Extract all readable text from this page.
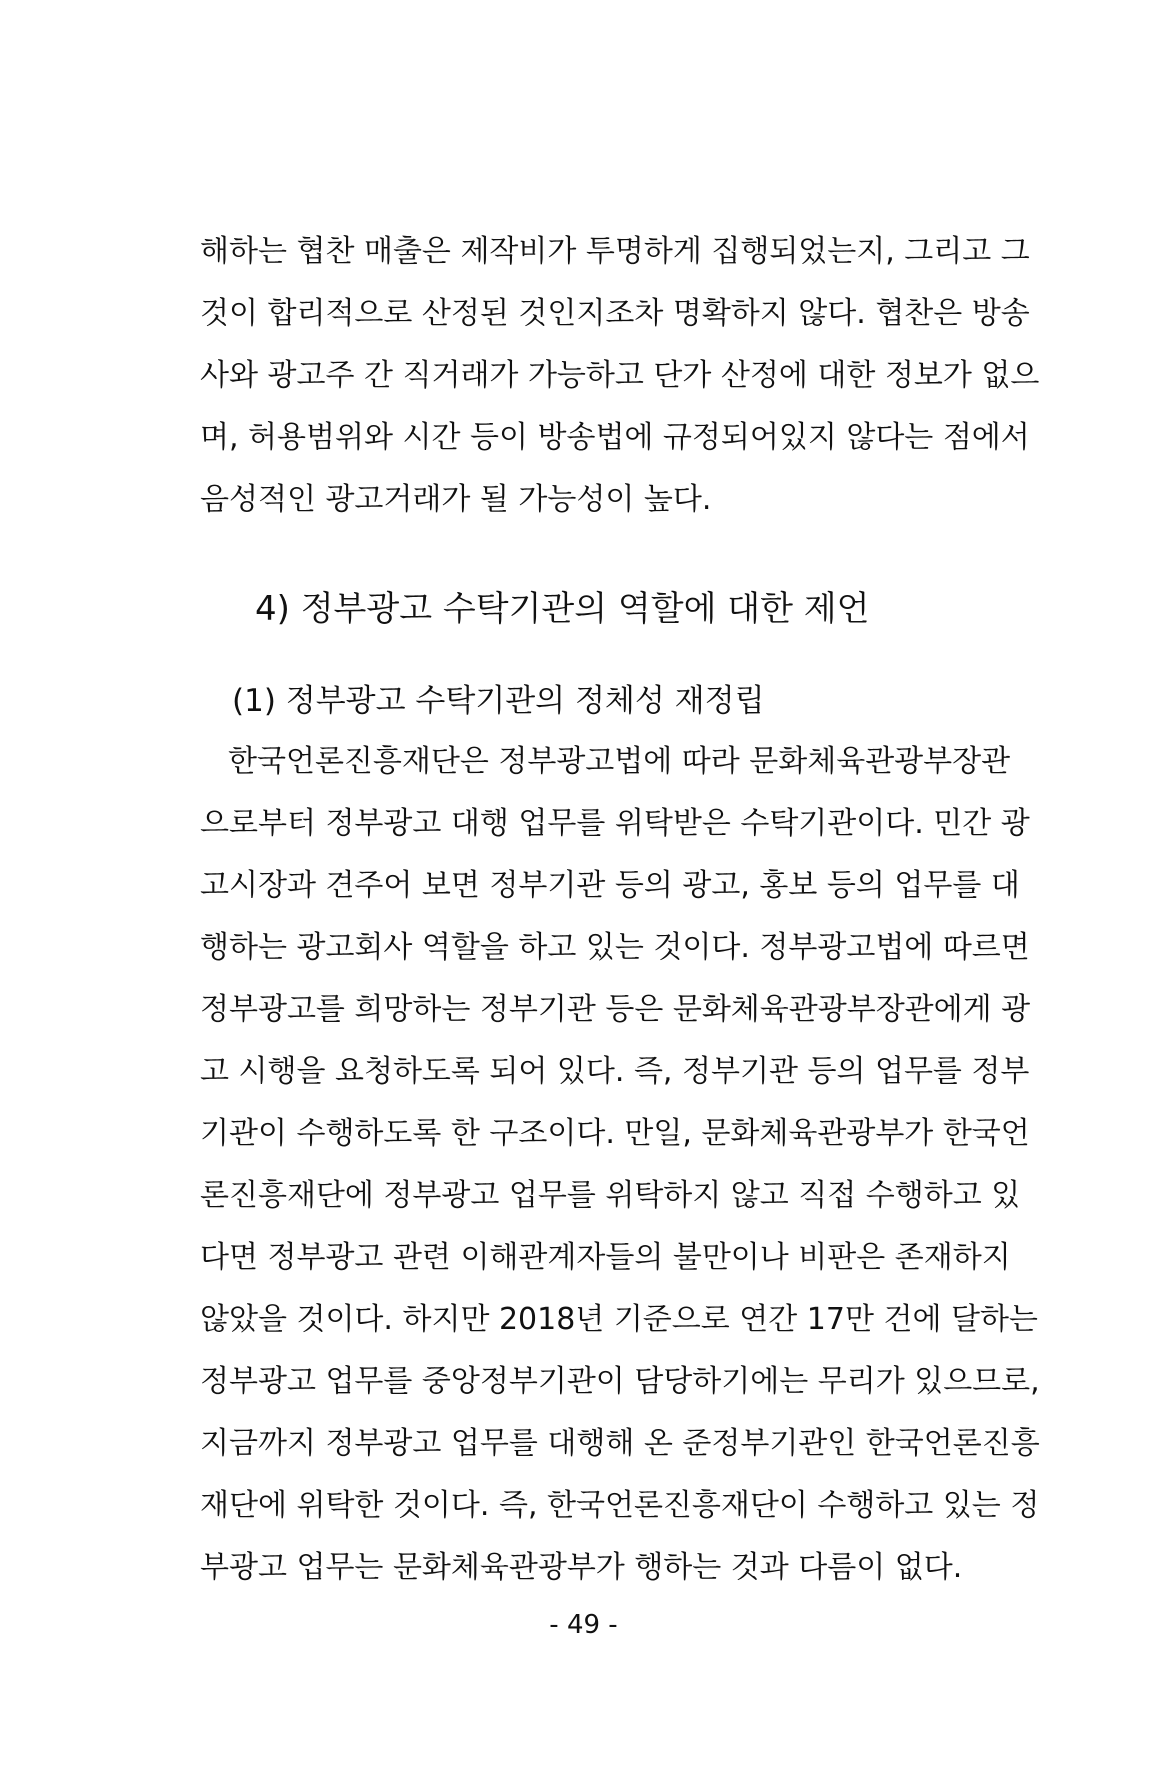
해하는 협찬 매출은 제작비가 투명하게 집행되었는지, 그리고 그
것이 합리적으로 산정된 것인지조차 명확하지 않다. 협찬은 방송
사와 광고주 간 직거래가 가능하고 단가 산정에 대한 정보가 없으
며, 허용범위와 시간 등이 방송법에 규정되어있지 않다는 점에서
음성적인 광고거래가 될 가능성이 높다.
4) 정부광고 수탁기관의 역할에 대한 제언
(1) 정부광고 수탁기관의 정체성 재정립
한국언론진흥재단은 정부광고법에 따라 문화체육관광부장관
으로부터 정부광고 대행 업무를 위탁받은 수탁기관이다. 민간 광
고시장과 견주어 보면 정부기관 등의 광고, 홍보 등의 업무를 대
행하는 광고회사 역할을 하고 있는 것이다. 정부광고법에 따르면
정부광고를 희망하는 정부기관 등은 문화체육관광부장관에게 광
고 시행을 요청하도록 되어 있다. 즉, 정부기관 등의 업무를 정부
기관이 수행하도록 한 구조이다. 만일, 문화체육관광부가 한국언
론진흥재단에 정부광고 업무를 위탁하지 않고 직접 수행하고 있
다면 정부광고 관련 이해관계자들의 불만이나 비판은 존재하지
않았을 것이다. 하지만 2018년 기준으로 연간 17만 건에 달하는
정부광고 업무를 중앙정부기관이 담당하기에는 무리가 있으므로,
지금까지 정부광고 업무를 대행해 온 준정부기관인 한국언론진흥
재단에 위탁한 것이다. 즉, 한국언론진흥재단이 수행하고 있는 정
부광고 업무는 문화체육관광부가 행하는 것과 다름이 없다.
- 49 -
